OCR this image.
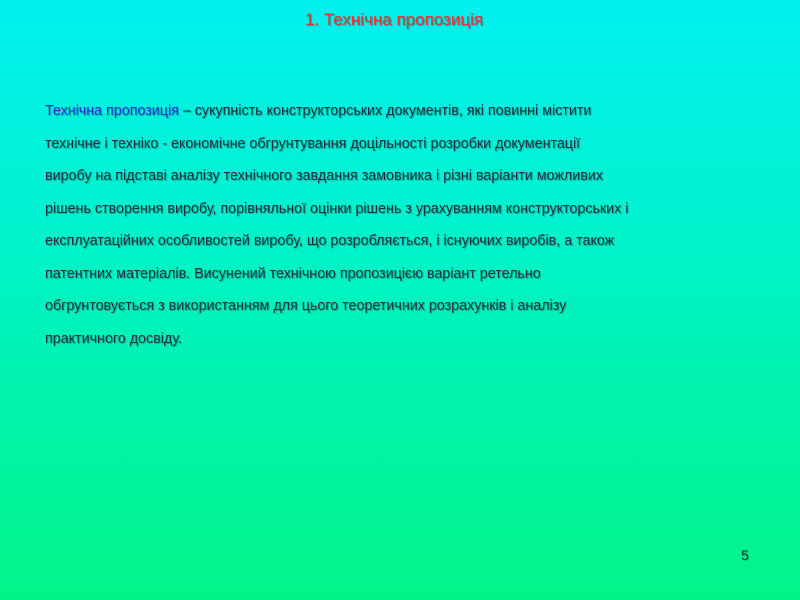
1. Технічна пропозиція
Технічна пропозиція – сукупність конструкторських документів, які повинні містити
технічне і техніко - економічне обгрунтування доцільності розробки документації
виробу на підставі аналізу технічного завдання замовника і різні варіанти можливих
рішень створення виробу, порівняльної оцінки рішень з урахуванням конструкторських і
експлуатаційних особливостей виробу, що розробляється, і існуючих виробів, а також
патентних матеріалів. Висунений технічною пропозицією варіант ретельно
обгрунтовується з використанням для цього теоретичних розрахунків і аналізу
практичного досвіду.
5
